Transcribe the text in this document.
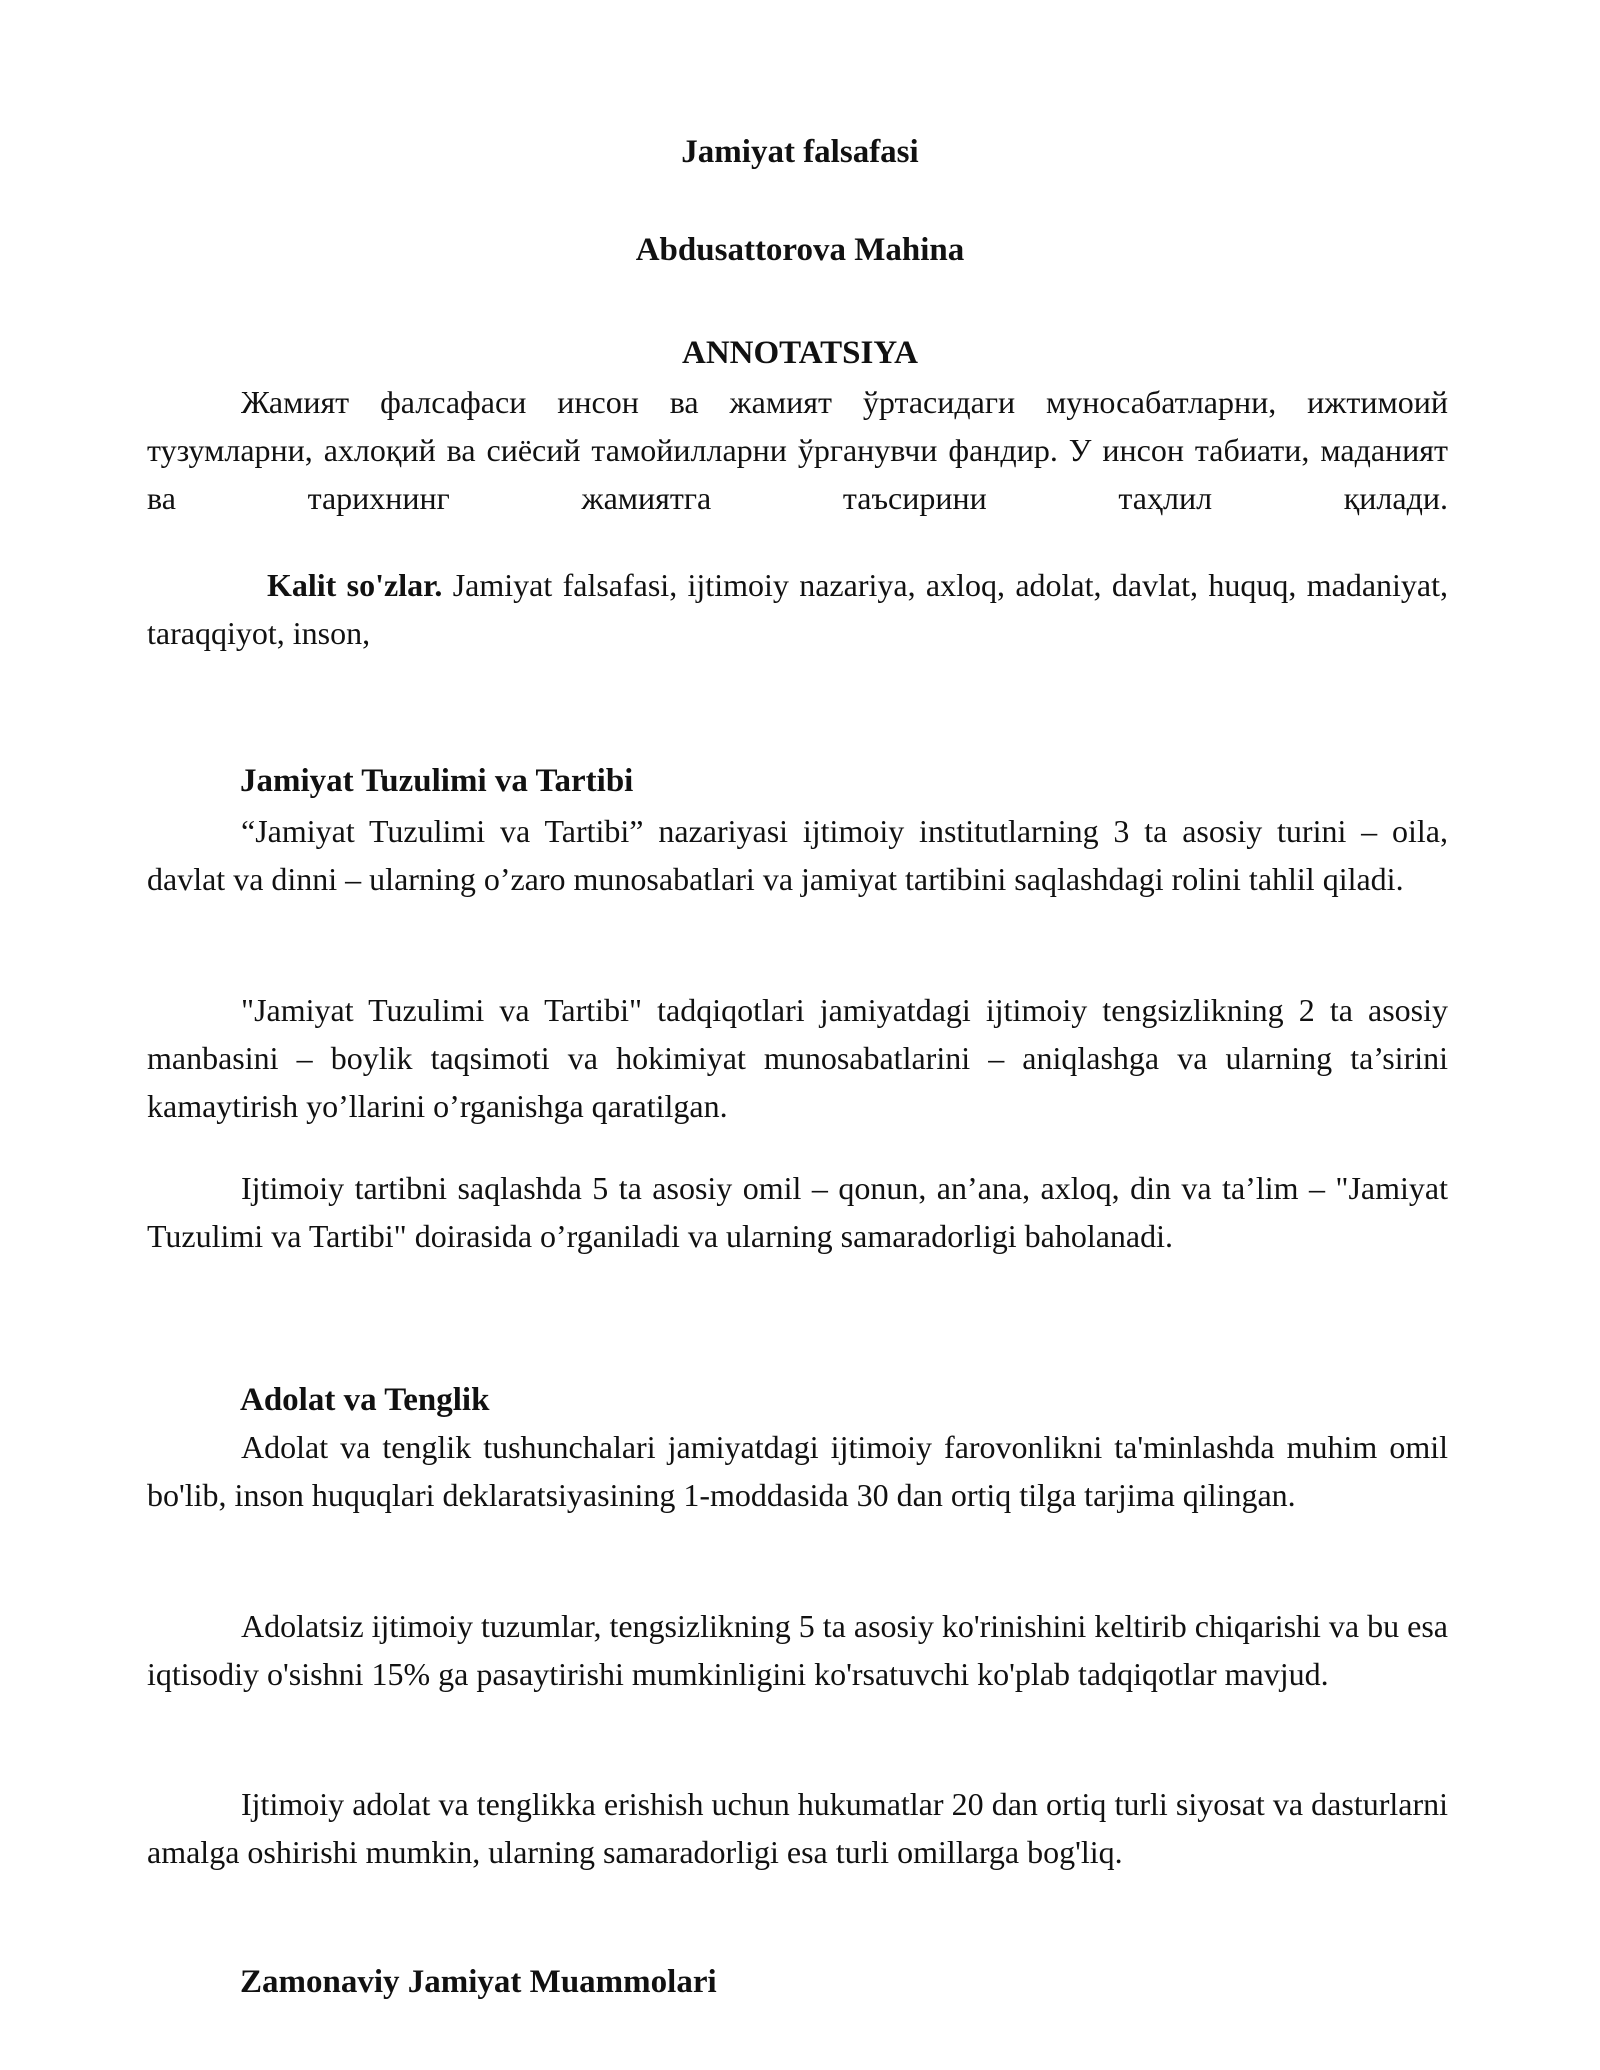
Jamiyat falsafasi
Abdusattorova Mahina
ANNOTATSIYA

Жамият фалсафаси инсон ва жамият ўртасидаги муносабатларни, ижтимоий тузумларни, ахлоқий ва сиёсий тамойилларни ўрганувчи фандир. У инсон табиати, маданият ва тарихнинг жамиятга таъсирини таҳлил қилади.

Kalit so'zlar. Jamiyat falsafasi, ijtimoiy nazariya, axloq, adolat, davlat, huquq, madaniyat, taraqqiyot, inson,

Jamiyat Tuzulimi va Tartibi

“Jamiyat Tuzulimi va Tartibi” nazariyasi ijtimoiy institutlarning 3 ta asosiy turini – oila, davlat va dinni – ularning o’zaro munosabatlari va jamiyat tartibini saqlashdagi rolini tahlil qiladi.

"Jamiyat Tuzulimi va Tartibi" tadqiqotlari jamiyatdagi ijtimoiy tengsizlikning 2 ta asosiy manbasini – boylik taqsimoti va hokimiyat munosabatlarini – aniqlashga va ularning ta’sirini kamaytirish yo’llarini o’rganishga qaratilgan.

Ijtimoiy tartibni saqlashda 5 ta asosiy omil – qonun, an’ana, axloq, din va ta’lim – "Jamiyat Tuzulimi va Tartibi" doirasida o’rganiladi va ularning samaradorligi baholanadi.

Adolat va Tenglik

Adolat va tenglik tushunchalari jamiyatdagi ijtimoiy farovonlikni ta'minlashda muhim omil bo'lib, inson huquqlari deklaratsiyasining 1-moddasida 30 dan ortiq tilga tarjima qilingan.

Adolatsiz ijtimoiy tuzumlar, tengsizlikning 5 ta asosiy ko'rinishini keltirib chiqarishi va bu esa iqtisodiy o'sishni 15% ga pasaytirishi mumkinligini ko'rsatuvchi ko'plab tadqiqotlar mavjud.

Ijtimoiy adolat va tenglikka erishish uchun hukumatlar 20 dan ortiq turli siyosat va dasturlarni amalga oshirishi mumkin, ularning samaradorligi esa turli omillarga bog'liq.

Zamonaviy Jamiyat Muammolari
